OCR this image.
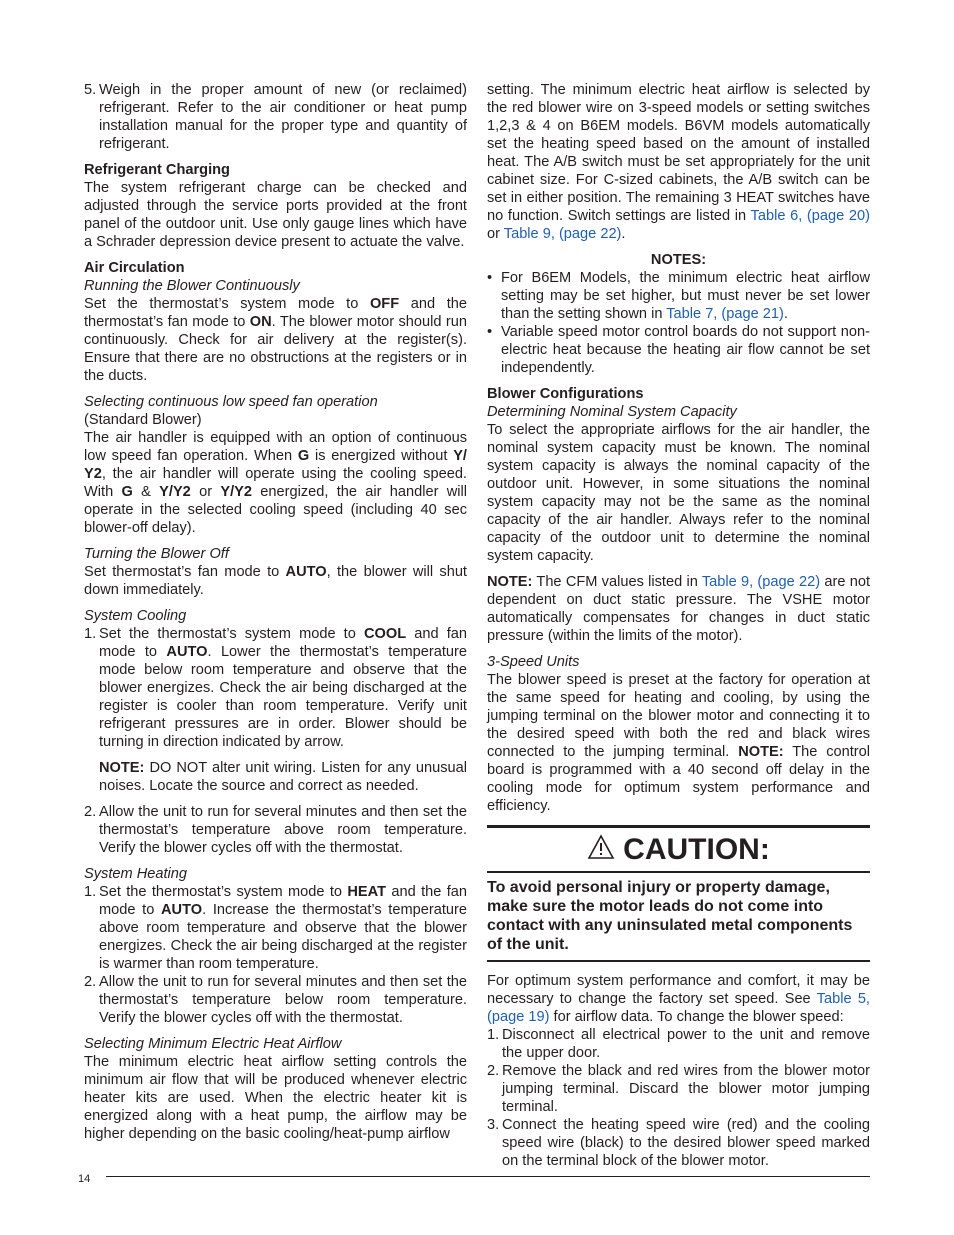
5. Weigh in the proper amount of new (or reclaimed) refrigerant. Refer to the air conditioner or heat pump installation manual for the proper type and quantity of refrigerant.

Refrigerant Charging

The system refrigerant charge can be checked and adjusted through the service ports provided at the front panel of the outdoor unit. Use only gauge lines which have a Schrader depression device present to actuate the valve.

Air Circulation

Running the Blower Continuously

Set the thermostat’s system mode to OFF and the thermostat’s fan mode to ON. The blower motor should run continuously. Check for air delivery at the register(s). Ensure that there are no obstructions at the registers or in the ducts.

Selecting continuous low speed fan operation

(Standard Blower)

The air handler is equipped with an option of continuous low speed fan operation. When G is energized without Y/ Y2, the air handler will operate using the cooling speed. With G & Y/Y2 or Y/Y2 energized, the air handler will operate in the selected cooling speed (including 40 sec blower-off delay).

Turning the Blower Off

Set thermostat’s fan mode to AUTO, the blower will shut down immediately.

System Cooling

1. Set the thermostat’s system mode to COOL and fan mode to AUTO. Lower the thermostat’s temperature mode below room temperature and observe that the blower energizes. Check the air being discharged at the register is cooler than room temperature. Verify unit refrigerant pressures are in order. Blower should be turning in direction indicated by arrow.

NOTE: DO NOT alter unit wiring. Listen for any unusual noises. Locate the source and correct as needed.

2. Allow the unit to run for several minutes and then set the thermostat’s temperature above room temperature. Verify the blower cycles off with the thermostat.

System Heating

1. Set the thermostat’s system mode to HEAT and the fan mode to AUTO. Increase the thermostat’s temperature above room temperature and observe that the blower energizes. Check the air being discharged at the register is warmer than room temperature.

2. Allow the unit to run for several minutes and then set the thermostat’s temperature below room temperature. Verify the blower cycles off with the thermostat.

Selecting Minimum Electric Heat Airflow

The minimum electric heat airflow setting controls the minimum air flow that will be produced whenever electric heater kits are used. When the electric heater kit is energized along with a heat pump, the airflow may be higher depending on the basic cooling/heat-pump airflow

setting. The minimum electric heat airflow is selected by the red blower wire on 3-speed models or setting switches 1,2,3 & 4 on B6EM models. B6VM models automatically set the heating speed based on the amount of installed heat. The A/B switch must be set appropriately for the unit cabinet size. For C-sized cabinets, the A/B switch can be set in either position. The remaining 3 HEAT switches have no function. Switch settings are listed in Table 6, (page 20) or Table 9, (page 22).

NOTES:

• For B6EM Models, the minimum electric heat airflow setting may be set higher, but must never be set lower than the setting shown in Table 7, (page 21).

• Variable speed motor control boards do not support non-electric heat because the heating air flow cannot be set independently.

Blower Configurations

Determining Nominal System Capacity

To select the appropriate airflows for the air handler, the nominal system capacity must be known. The nominal system capacity is always the nominal capacity of the outdoor unit. However, in some situations the nominal system capacity may not be the same as the nominal capacity of the air handler. Always refer to the nominal capacity of the outdoor unit to determine the nominal system capacity.

NOTE: The CFM values listed in Table 9, (page 22) are not dependent on duct static pressure. The VSHE motor automatically compensates for changes in duct static pressure (within the limits of the motor).

3-Speed Units

The blower speed is preset at the factory for operation at the same speed for heating and cooling, by using the jumping terminal on the blower motor and connecting it to the desired speed with both the red and black wires connected to the jumping terminal. NOTE: The control board is programmed with a 40 second off delay in the cooling mode for optimum system performance and efficiency.

CAUTION:

To avoid personal injury or property damage, make sure the motor leads do not come into contact with any uninsulated metal components of the unit.

For optimum system performance and comfort, it may be necessary to change the factory set speed. See Table 5, (page 19) for airflow data. To change the blower speed:

1. Disconnect all electrical power to the unit and remove the upper door.

2. Remove the black and red wires from the blower motor jumping terminal. Discard the blower motor jumping terminal.

3. Connect the heating speed wire (red) and the cooling speed wire (black) to the desired blower speed marked on the terminal block of the blower motor.

14
